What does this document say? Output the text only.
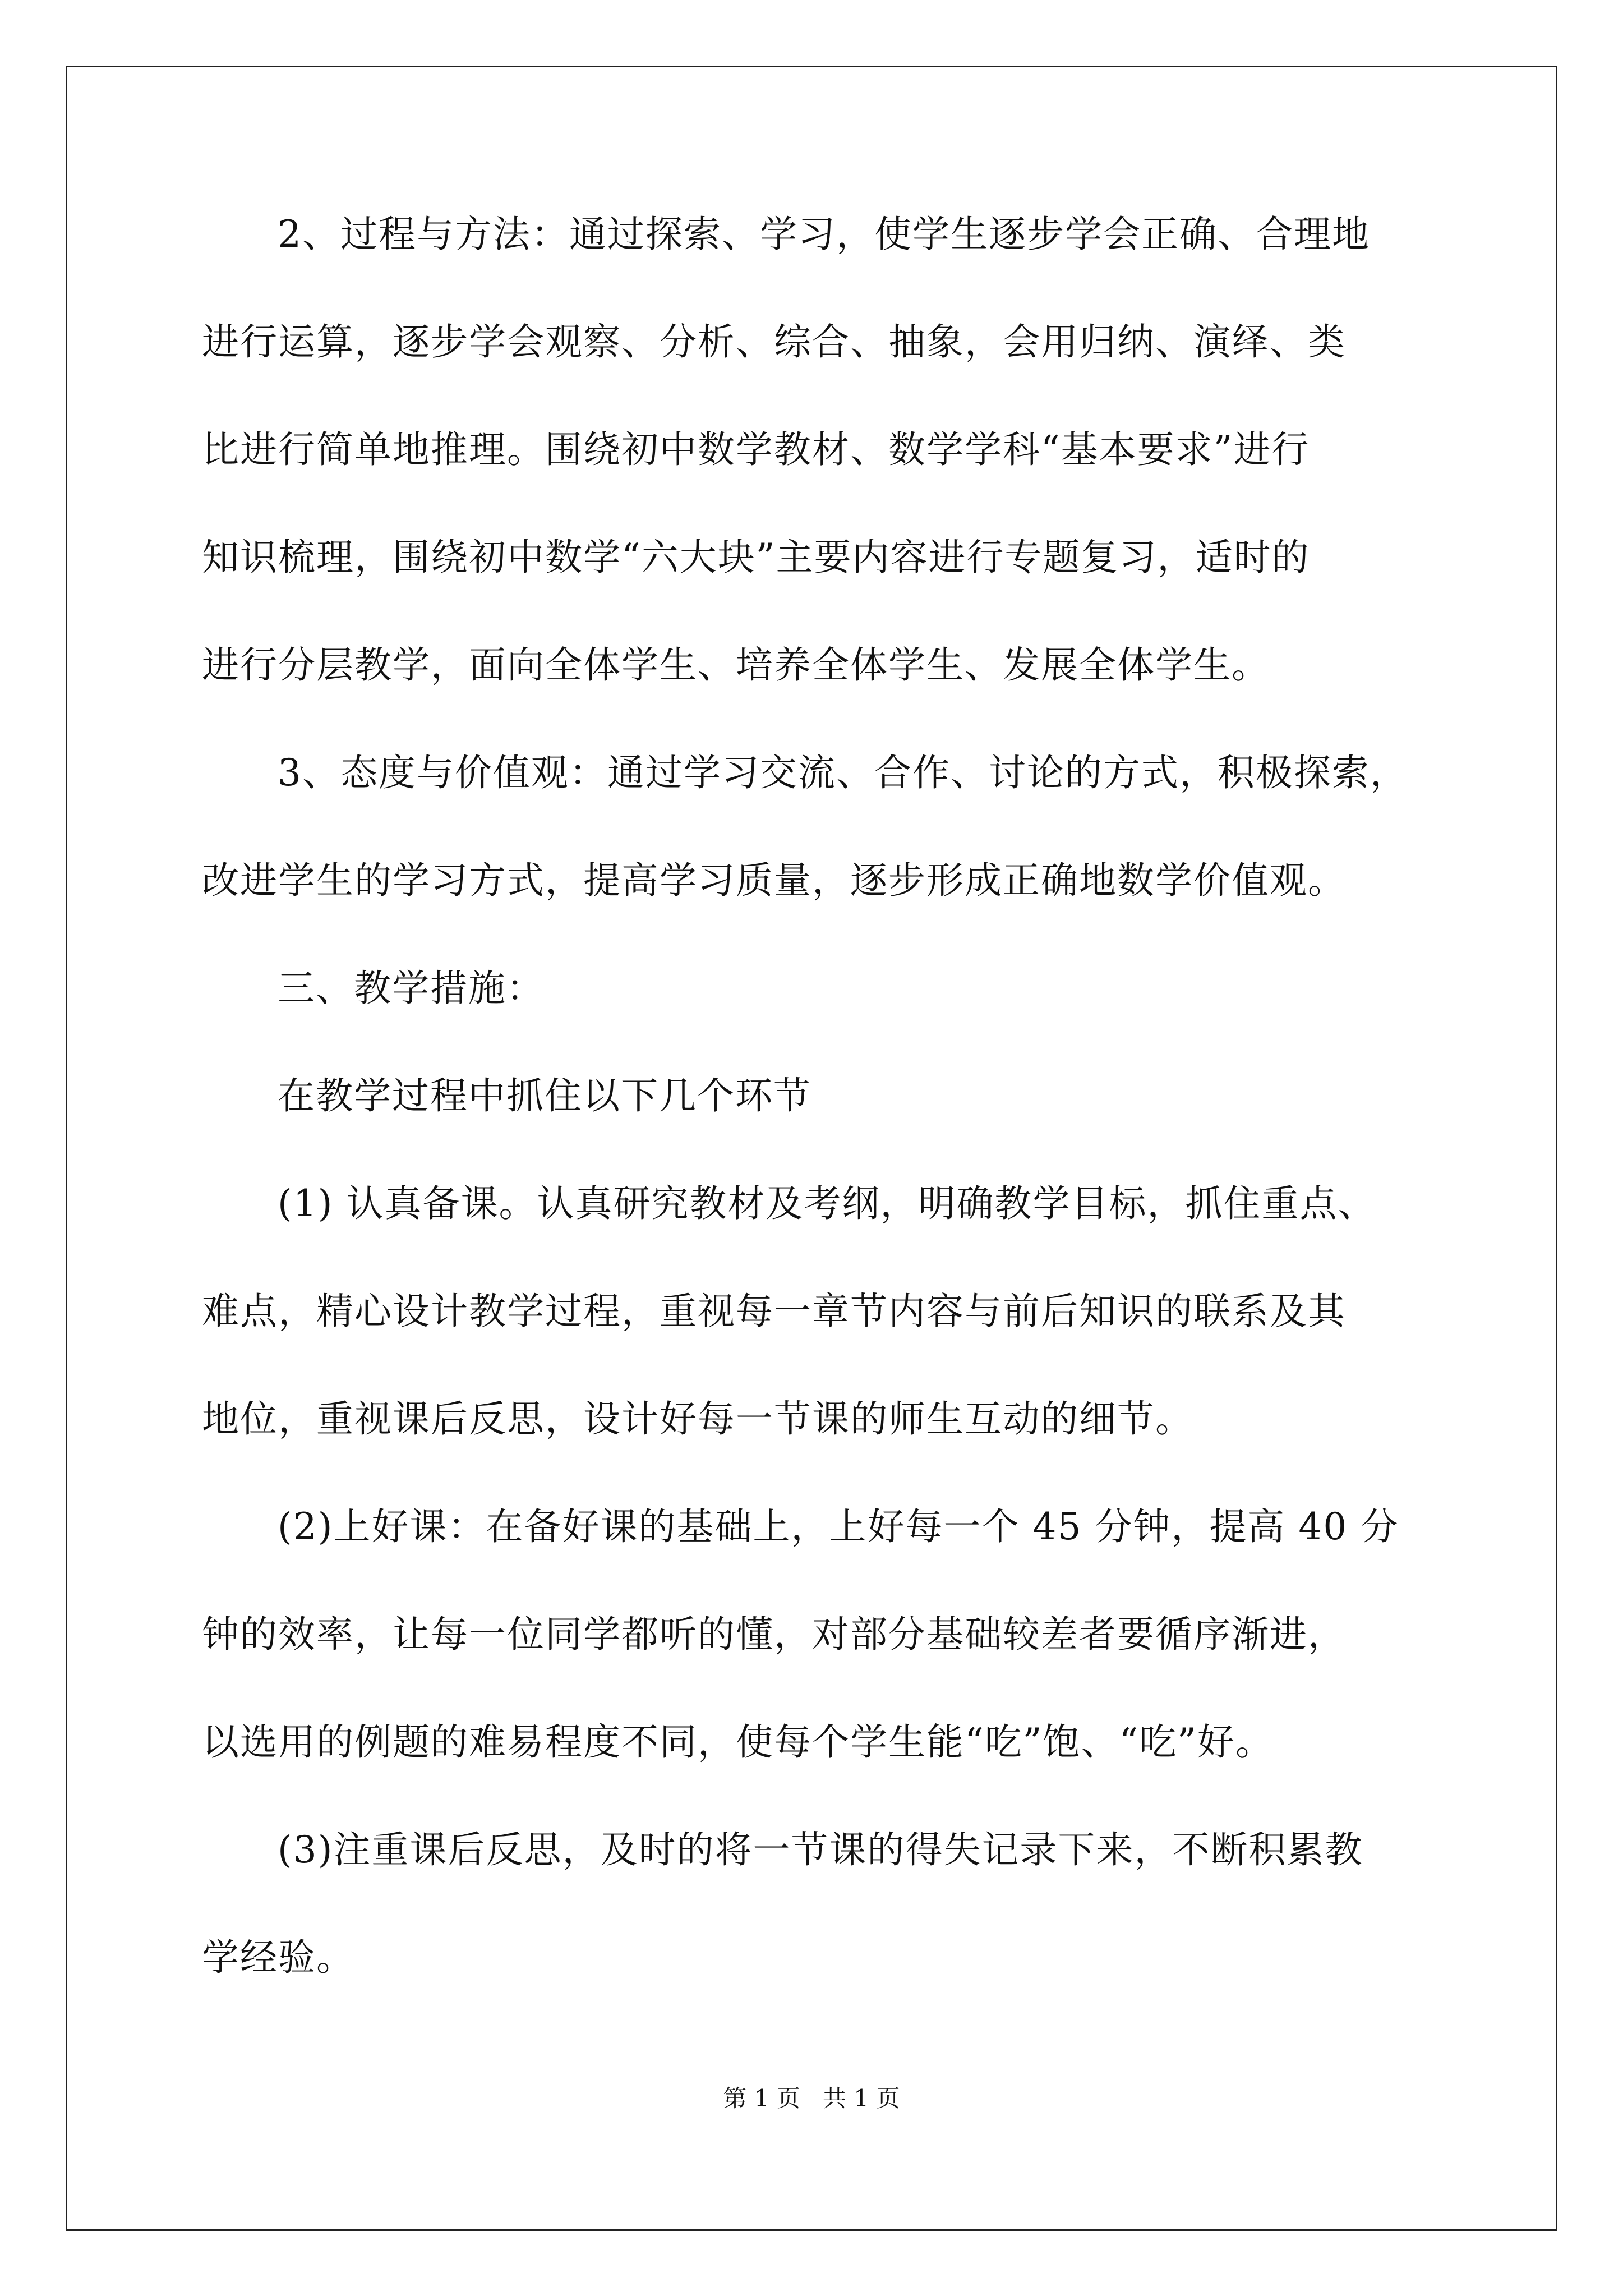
2、过程与方法：通过探索、学习，使学生逐步学会正确、合理地
进行运算，逐步学会观察、分析、综合、抽象，会用归纳、演绎、类
比进行简单地推理。围绕初中数学教材、数学学科“基本要求”进行
知识梳理，围绕初中数学“六大块”主要内容进行专题复习，适时的
进行分层教学，面向全体学生、培养全体学生、发展全体学生。
3、态度与价值观：通过学习交流、合作、讨论的方式，积极探索，
改进学生的学习方式，提高学习质量，逐步形成正确地数学价值观。
三、教学措施：
在教学过程中抓住以下几个环节
(1) 认真备课。认真研究教材及考纲，明确教学目标，抓住重点、
难点，精心设计教学过程，重视每一章节内容与前后知识的联系及其
地位，重视课后反思，设计好每一节课的师生互动的细节。
(2)上好课：在备好课的基础上，上好每一个 45 分钟，提高 40 分
钟的效率，让每一位同学都听的懂，对部分基础较差者要循序渐进，
以选用的例题的难易程度不同，使每个学生能“吃”饱、“吃”好。
(3)注重课后反思，及时的将一节课的得失记录下来，不断积累教
学经验。
第 1 页 共 1 页
